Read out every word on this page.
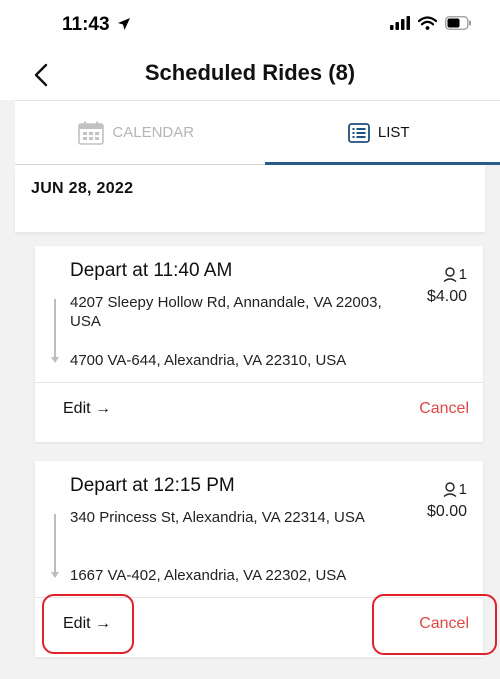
11:43
Scheduled Rides (8)
CALENDAR	LIST
JUN 28, 2022
Depart at 11:40 AM	1
$4.00
4207 Sleepy Hollow Rd, Annandale, VA 22003, USA
4700 VA-644, Alexandria, VA 22310, USA
Edit →	Cancel
Depart at 12:15 PM	1
$0.00
340 Princess St, Alexandria, VA 22314, USA
1667 VA-402, Alexandria, VA 22302, USA
Edit →	Cancel
